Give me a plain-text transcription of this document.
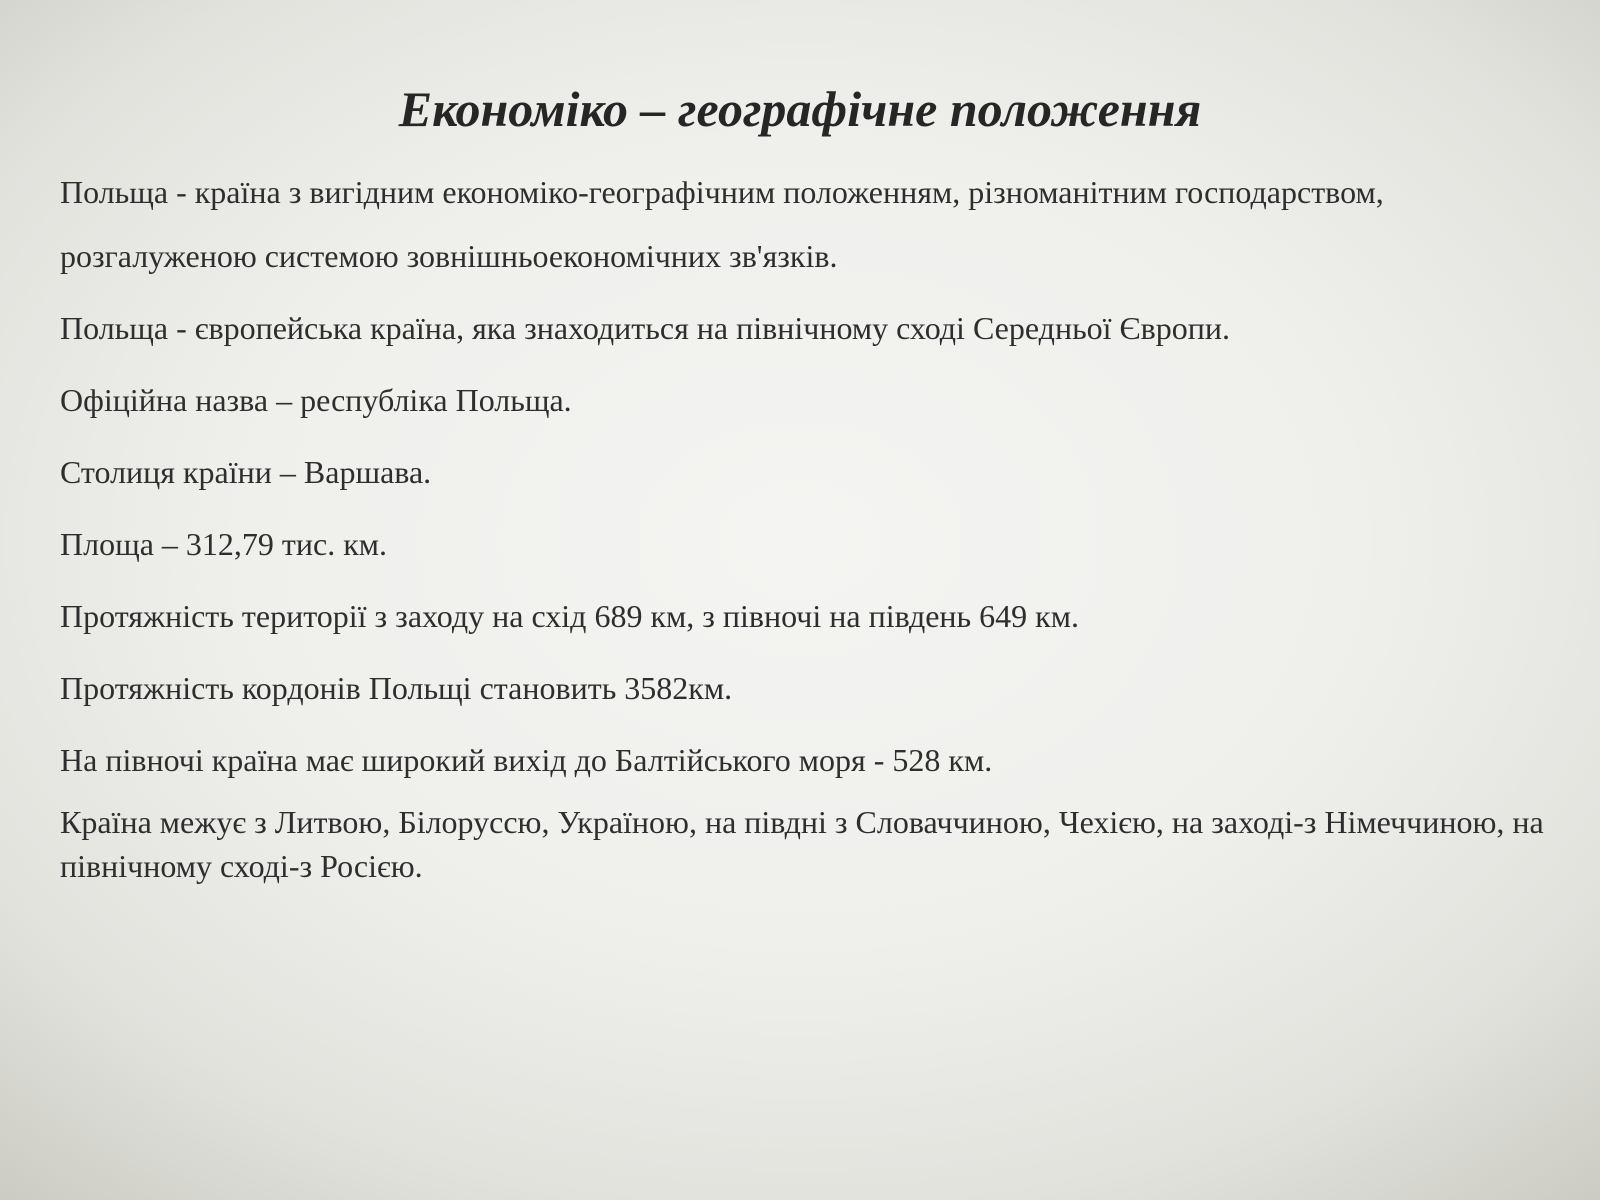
Економіко – географічне положення

Польща - країна з вигідним економіко-географічним положенням, різноманітним господарством, розгалуженою системою зовнішньоекономічних зв'язків.

Польща - європейська країна, яка знаходиться на північному сході Середньої Європи.

Офіційна назва – республіка Польща.

Столиця країни – Варшава.

Площа – 312,79 тис. км.

Протяжність території з заходу на схід 689 км, з півночі на південь 649 км.

Протяжність кордонів Польщі становить 3582км.

На півночі країна має широкий вихід до Балтійського моря - 528 км.

Країна межує з Литвою, Білоруссю, Україною, на півдні з Словаччиною, Чехією, на заході-з Німеччиною, на північному сході-з Росією.
